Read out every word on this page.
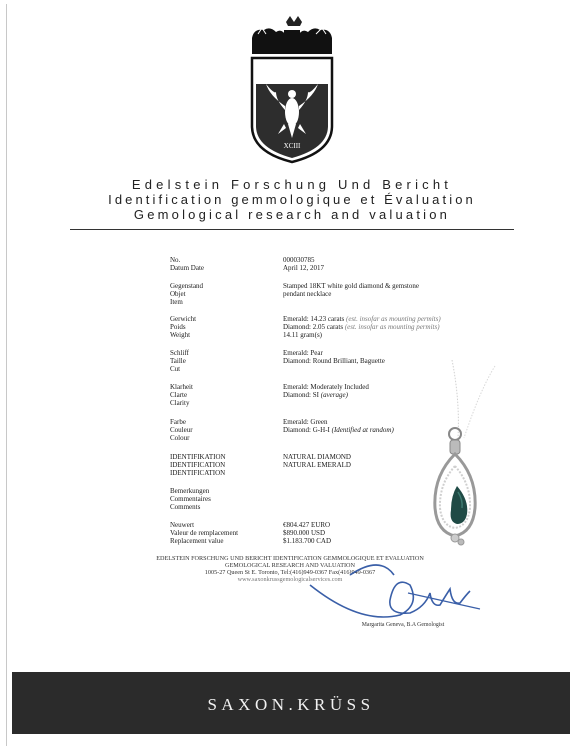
XCIII
Edelstein Forschung Und Bericht
Identification gemmologique et Évaluation
Gemological research and valuation
No.
Datum Date
000030785
April 12, 2017
Gegenstand
Objet
Item
Stamped 18KT white gold diamond & gemstone
pendant necklace
Gerwicht
Poids
Weight
Emerald: 14.23 carats (est. insofar as mounting permits)
Diamond: 2.05 carats (est. insofar as mounting permits)
14.11 gram(s)
Schliff
Taille
Cut
Emerald: Pear
Diamond: Round Brilliant, Baguette
Klarheit
Clarte
Clarity
Emerald: Moderately Included
Diamond: SI (average)
Farbe
Couleur
Colour
Emerald: Green
Diamond: G-H-I (Identified at random)
IDENTIFIKATION
IDENTIFICATION
IDENTIFICATION
NATURAL DIAMOND
NATURAL EMERALD
Bemerkungen
Commentaires
Comments
Neuwert
Valeur de remplacement
Replacement value
€804.427 EURO
$890.000 USD
$1.183.700 CAD
EDELSTEIN FORSCHUNG UND BERICHT IDENTIFICATION GEMMOLOGIQUE ET EVALUATION
GEMOLOGICAL RESEARCH AND VALUATION
1005-27 Queen St E. Toronto, Tel:(416)949-0367 Fax(416)949-0367
www.saxonkrussgemologicalservices.com
Margarita Geneva, B.A Gemologist
SAXON.KRÜSS
